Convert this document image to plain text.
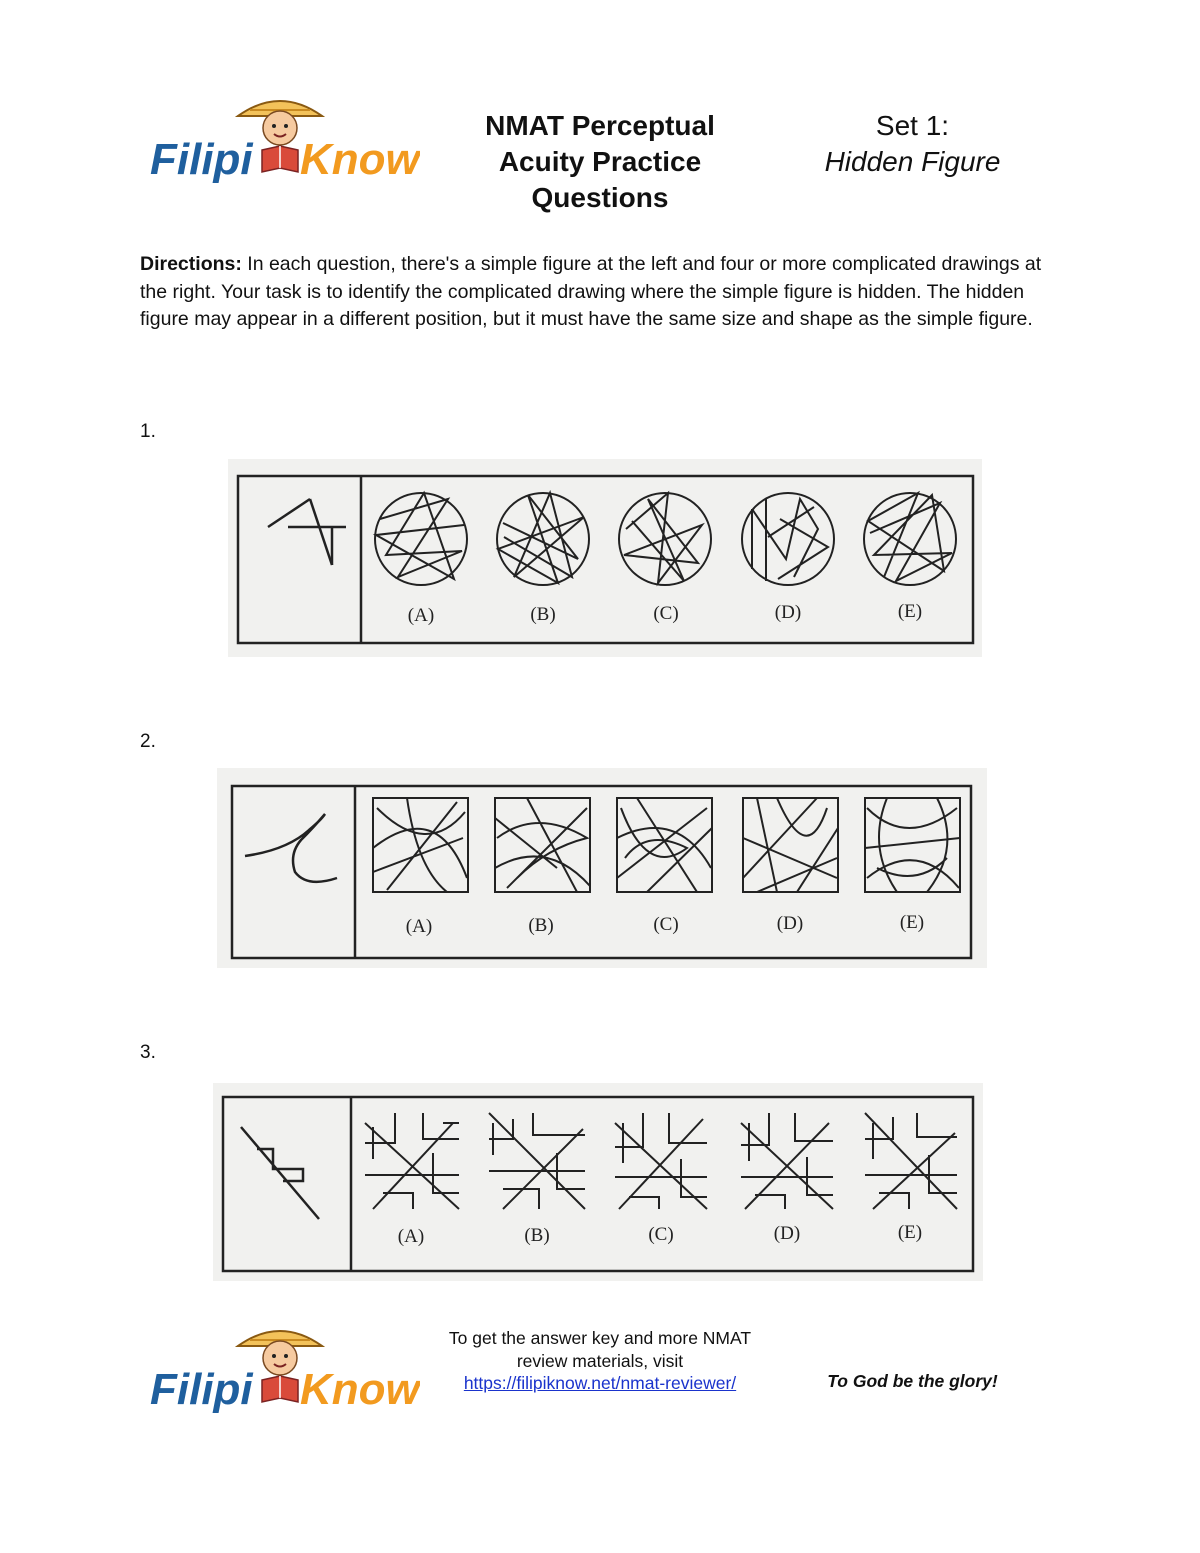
Filipi Know
NMAT Perceptual Acuity Practice Questions
Set 1:
Hidden Figure
Directions: In each question, there's a simple figure at the left and four or more complicated drawings at the right. Your task is to identify the complicated drawing where the simple figure is hidden. The hidden figure may appear in a different position, but it must have the same size and shape as the simple figure.
1.
(A)	(B)	(C)	(D)	(E)
2.
(A)	(B)	(C)	(D)	(E)
3.
(A)	(B)	(C)	(D)	(E)
Filipi Know
To get the answer key and more NMAT review materials, visit
https://filipiknow.net/nmat-reviewer/	To God be the glory!
